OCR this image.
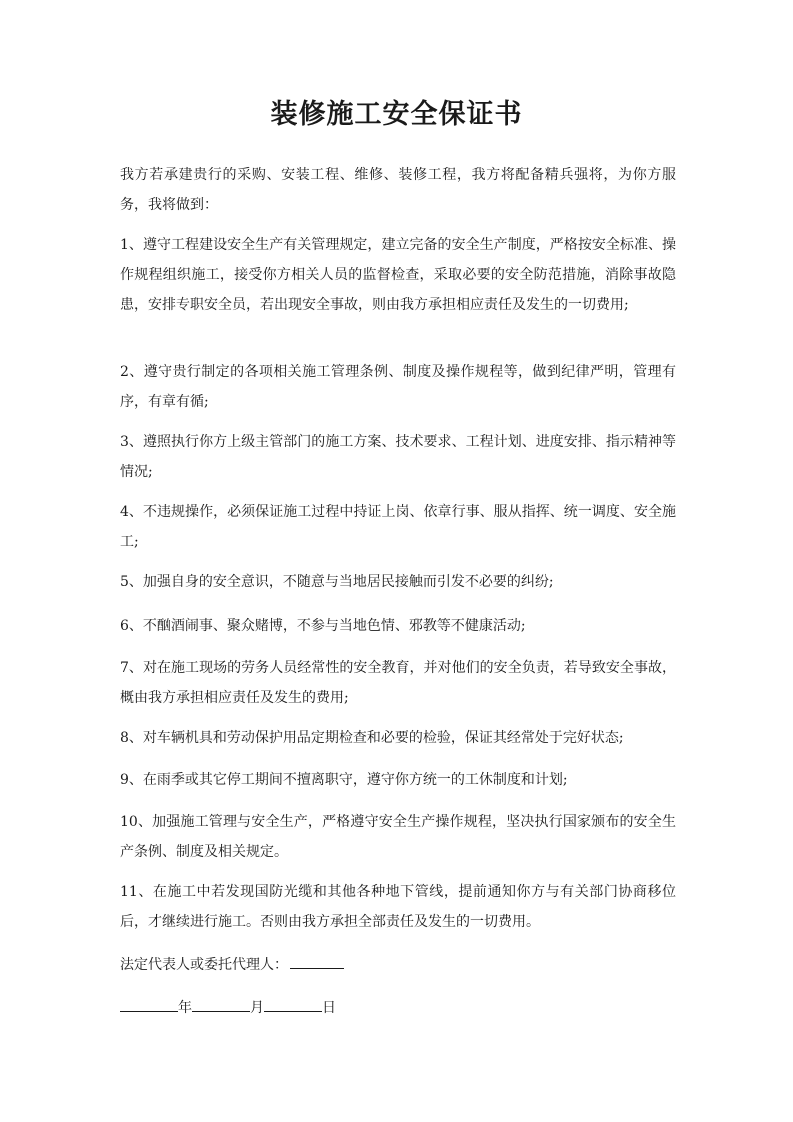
装修施工安全保证书
我方若承建贵行的采购、安装工程、维修、装修工程，我方将配备精兵强将，为你方服务，我将做到：
1、遵守工程建设安全生产有关管理规定，建立完备的安全生产制度，严格按安全标准、操作规程组织施工，接受你方相关人员的监督检查，采取必要的安全防范措施，消除事故隐患，安排专职安全员，若出现安全事故，则由我方承担相应责任及发生的一切费用;
2、遵守贵行制定的各项相关施工管理条例、制度及操作规程等，做到纪律严明，管理有序，有章有循;
3、遵照执行你方上级主管部门的施工方案、技术要求、工程计划、进度安排、指示精神等情况;
4、不违规操作，必须保证施工过程中持证上岗、依章行事、服从指挥、统一调度、安全施工;
5、加强自身的安全意识，不随意与当地居民接触而引发不必要的纠纷;
6、不酗酒闹事、聚众赌博，不参与当地色情、邪教等不健康活动;
7、对在施工现场的劳务人员经常性的安全教育，并对他们的安全负责，若导致安全事故，概由我方承担相应责任及发生的费用;
8、对车辆机具和劳动保护用品定期检查和必要的检验，保证其经常处于完好状态;
9、在雨季或其它停工期间不擅离职守，遵守你方统一的工休制度和计划;
10、加强施工管理与安全生产，严格遵守安全生产操作规程，坚决执行国家颁布的安全生产条例、制度及相关规定。
11、在施工中若发现国防光缆和其他各种地下管线，提前通知你方与有关部门协商移位后，才继续进行施工。否则由我方承担全部责任及发生的一切费用。
法定代表人或委托代理人：
年	月	日
